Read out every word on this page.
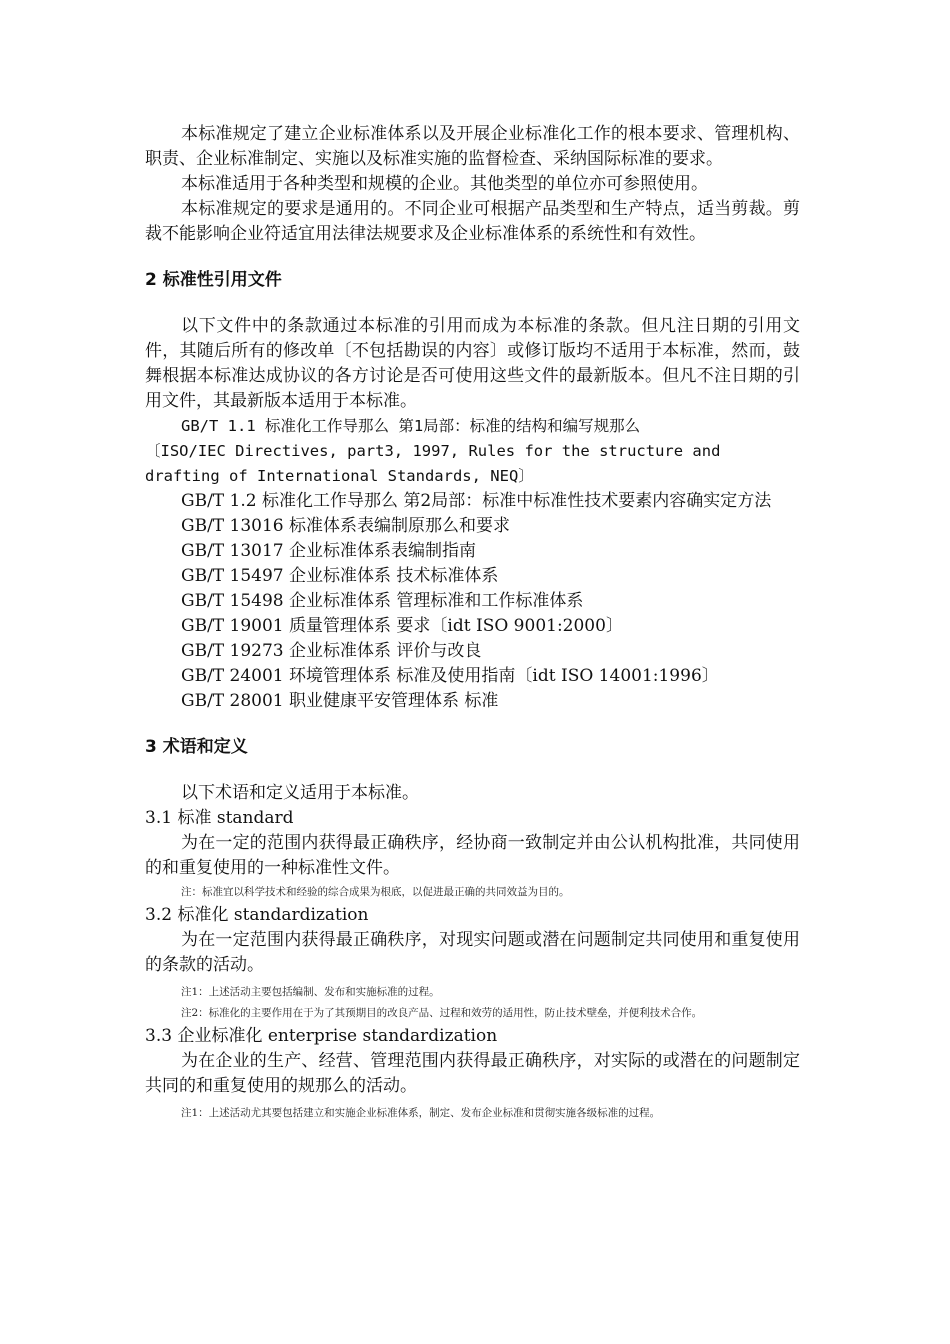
本标准规定了建立企业标准体系以及开展企业标准化工作的根本要求、管理机构、职责、企业标准制定、实施以及标准实施的监督检查、采纳国际标准的要求。

本标准适用于各种类型和规模的企业。其他类型的单位亦可参照使用。

本标准规定的要求是通用的。不同企业可根据产品类型和生产特点，适当剪裁。剪裁不能影响企业符适宜用法律法规要求及企业标准体系的系统性和有效性。

2 标准性引用文件

以下文件中的条款通过本标准的引用而成为本标准的条款。但凡注日期的引用文件，其随后所有的修改单〔不包括勘误的内容〕或修订版均不适用于本标准，然而，鼓舞根据本标准达成协议的各方讨论是否可使用这些文件的最新版本。但凡不注日期的引用文件，其最新版本适用于本标准。

GB/T 1.1 标准化工作导那么 第1局部：标准的结构和编写规那么

〔ISO/IEC Directives, part3, 1997, Rules for the structure and

drafting of International Standards, NEQ〕

GB/T 1.2 标准化工作导那么 第2局部：标准中标准性技术要素内容确实定方法

GB/T 13016 标准体系表编制原那么和要求

GB/T 13017 企业标准体系表编制指南

GB/T 15497 企业标准体系 技术标准体系

GB/T 15498 企业标准体系 管理标准和工作标准体系

GB/T 19001 质量管理体系 要求〔idt ISO 9001:2000〕

GB/T 19273 企业标准体系 评价与改良

GB/T 24001 环境管理体系 标准及使用指南〔idt ISO 14001:1996〕

GB/T 28001 职业健康平安管理体系 标准

3 术语和定义

以下术语和定义适用于本标准。

3.1 标准 standard

为在一定的范围内获得最正确秩序，经协商一致制定并由公认机构批准，共同使用的和重复使用的一种标准性文件。

注：标准宜以科学技术和经验的综合成果为根底，以促进最正确的共同效益为目的。

3.2 标准化 standardization

为在一定范围内获得最正确秩序，对现实问题或潜在问题制定共同使用和重复使用的条款的活动。

注1：上述活动主要包括编制、发布和实施标准的过程。

注2：标准化的主要作用在于为了其预期目的改良产品、过程和效劳的适用性，防止技术壁垒，并便利技术合作。

3.3 企业标准化 enterprise standardization

为在企业的生产、经营、管理范围内获得最正确秩序，对实际的或潜在的问题制定共同的和重复使用的规那么的活动。

注1：上述活动尤其要包括建立和实施企业标准体系，制定、发布企业标准和贯彻实施各级标准的过程。
